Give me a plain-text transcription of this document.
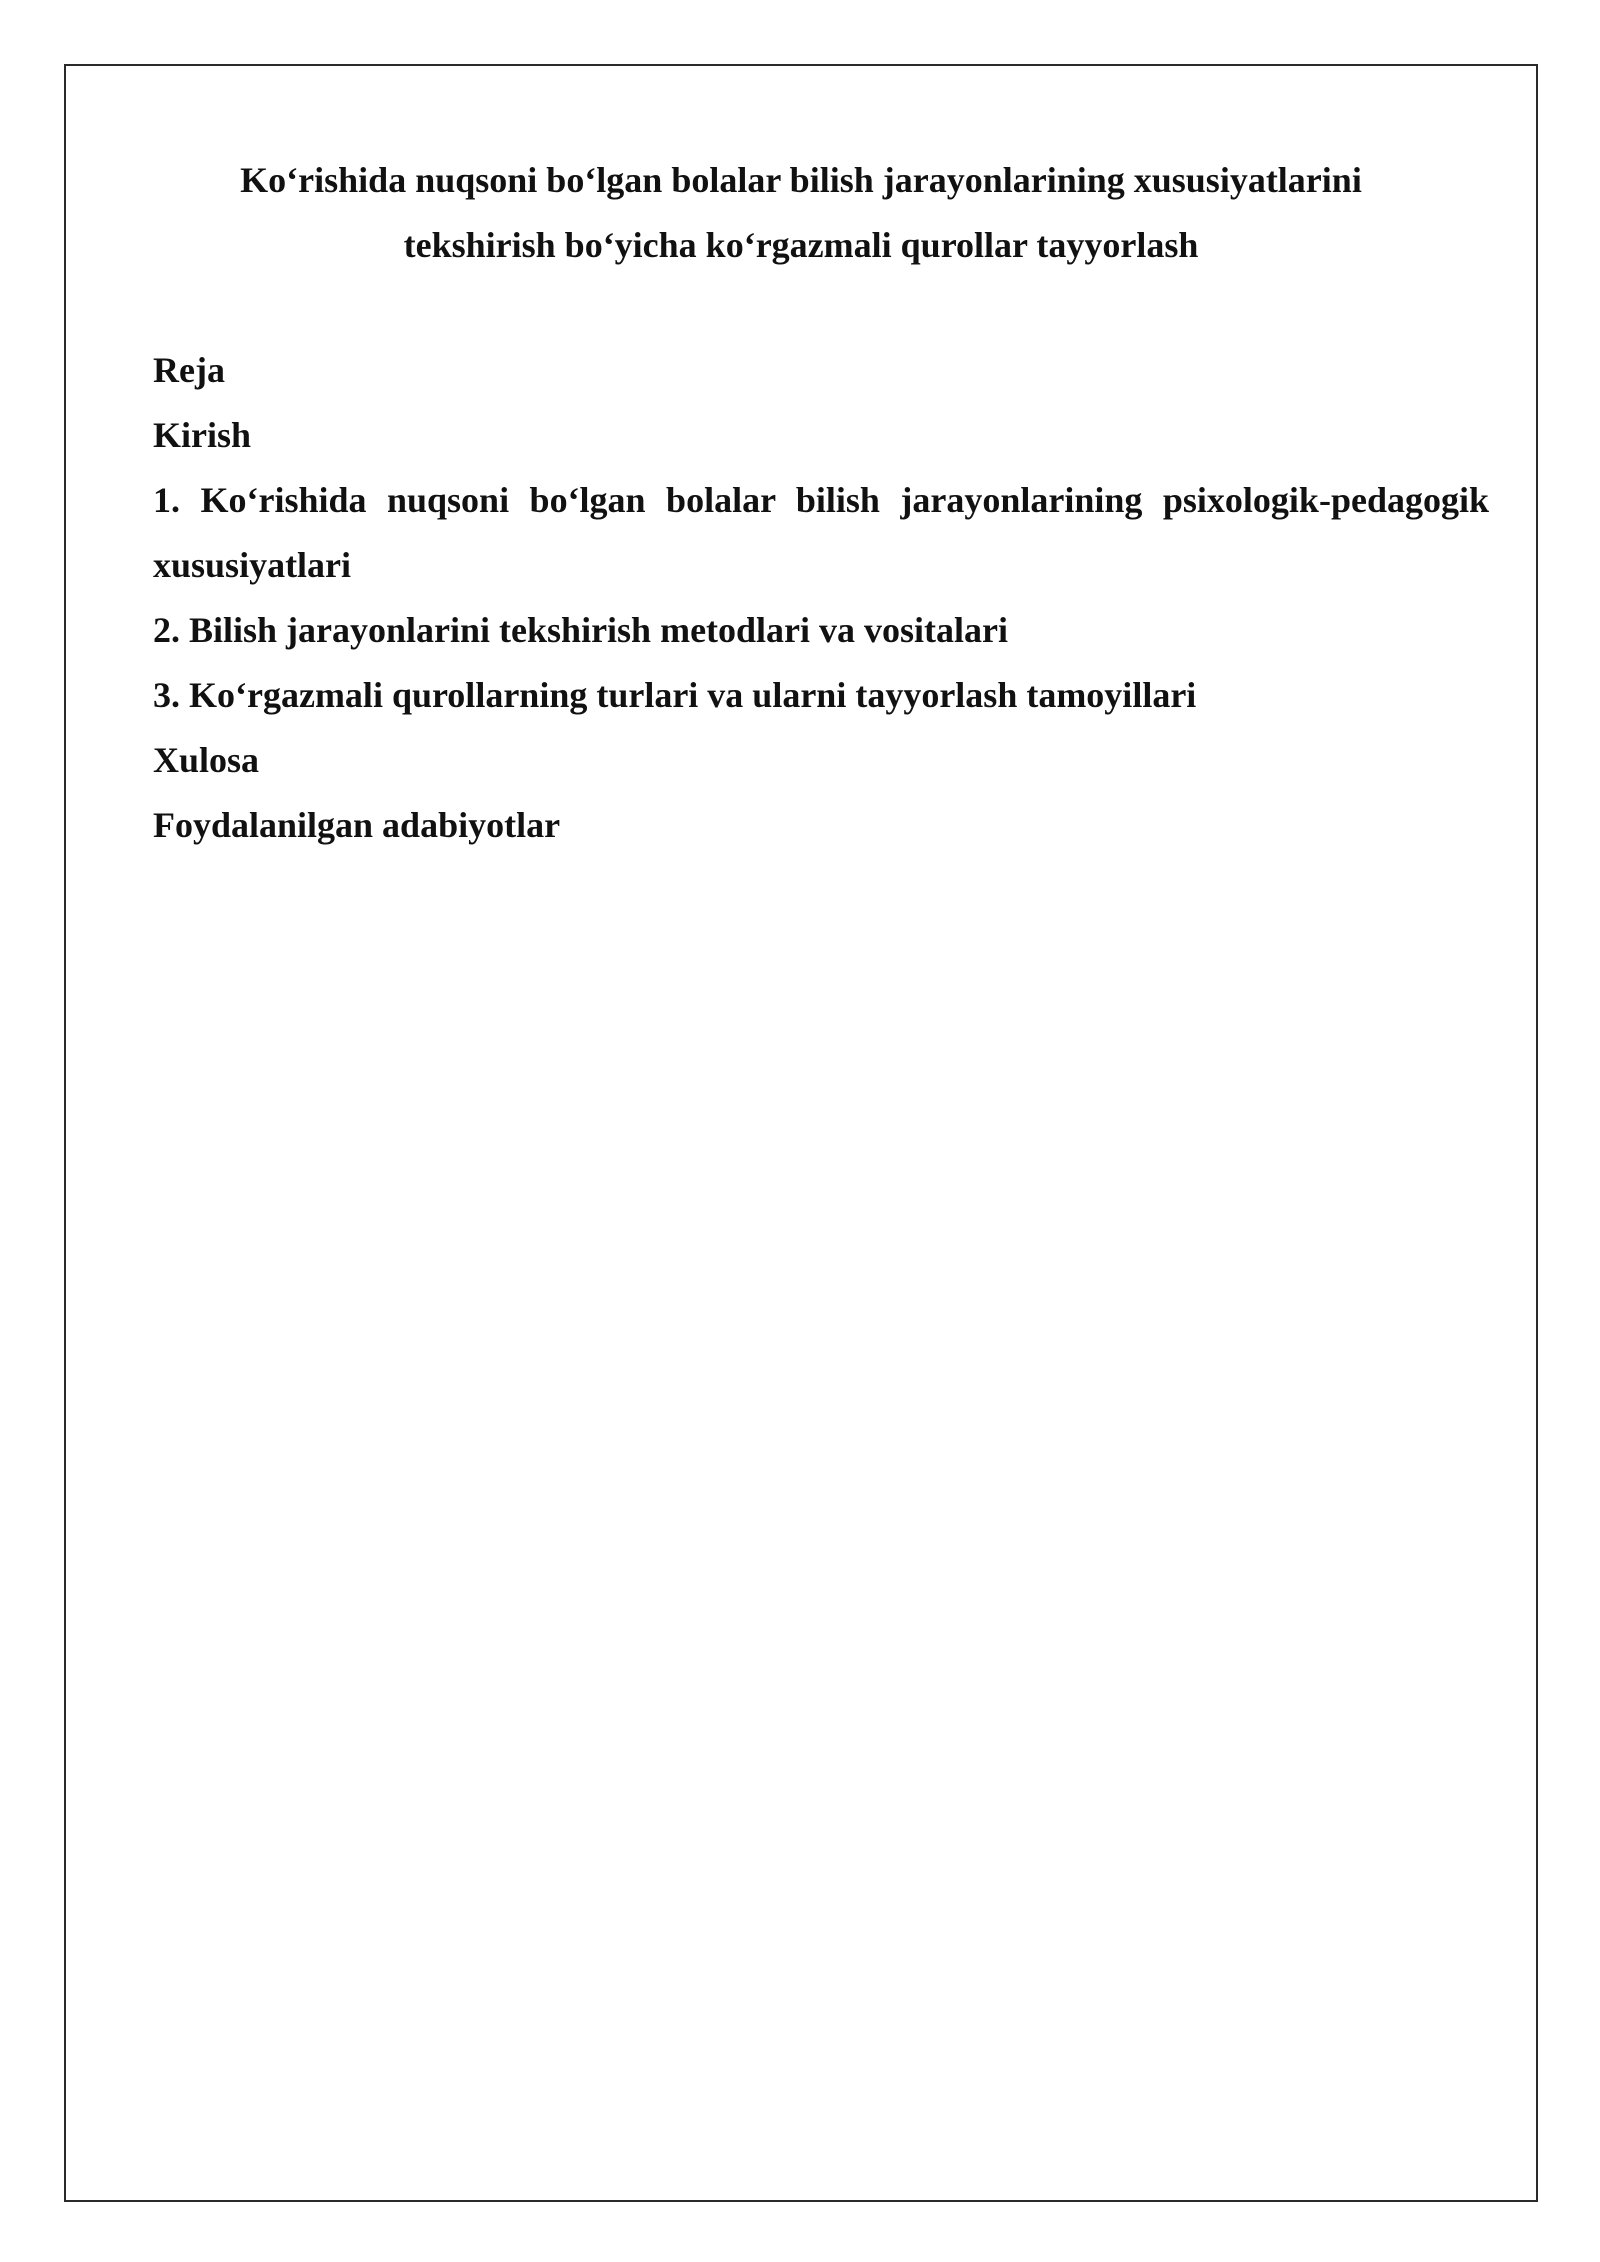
Ko‘rishida nuqsoni bo‘lgan bolalar bilish jarayonlarining xususiyatlarini
tekshirish bo‘yicha ko‘rgazmali qurollar tayyorlash
Reja
Kirish
1. Ko‘rishida nuqsoni bo‘lgan bolalar bilish jarayonlarining psixologik-pedagogik xususiyatlari
2. Bilish jarayonlarini tekshirish metodlari va vositalari
3. Ko‘rgazmali qurollarning turlari va ularni tayyorlash tamoyillari
Xulosa
Foydalanilgan adabiyotlar
